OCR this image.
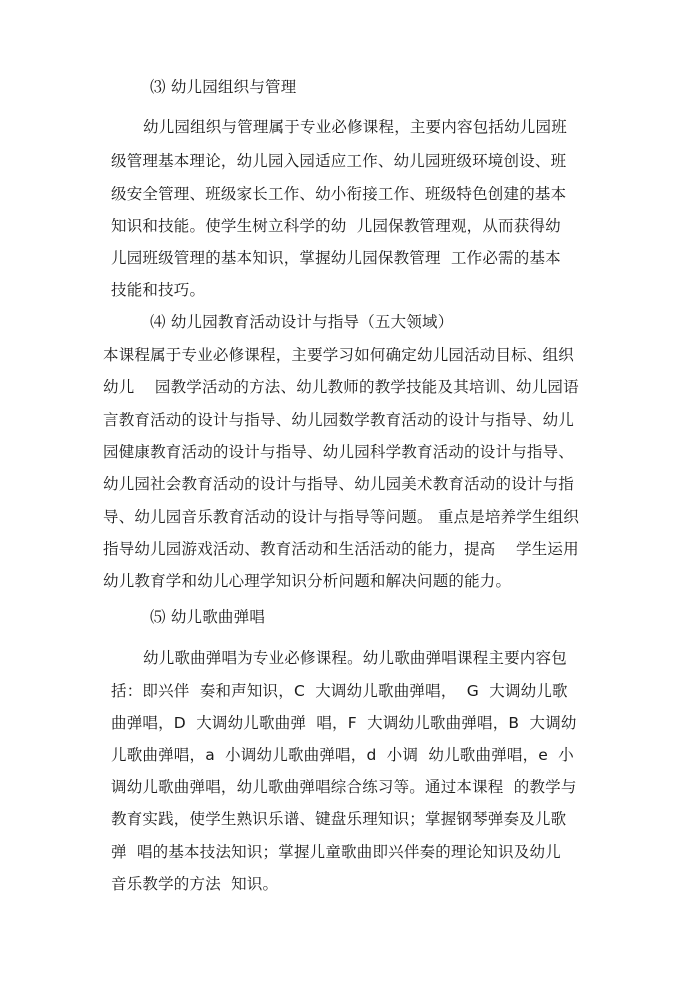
⑶ 幼儿园组织与管理
幼儿园组织与管理属于专业必修课程，主要内容包括幼儿园班
级管理基本理论，幼儿园入园适应工作、幼儿园班级环境创设、班
级安全管理、班级家长工作、幼小衔接工作、班级特色创建的基本
知识和技能。使学生树立科学的幼  儿园保教管理观，从而获得幼
儿园班级管理的基本知识，掌握幼儿园保教管理  工作必需的基本
技能和技巧。
⑷ 幼儿园教育活动设计与指导（五大领域）
本课程属于专业必修课程，主要学习如何确定幼儿园活动目标、组织
幼儿    园教学活动的方法、幼儿教师的教学技能及其培训、幼儿园语
言教育活动的设计与指导、幼儿园数学教育活动的设计与指导、幼儿
园健康教育活动的设计与指导、幼儿园科学教育活动的设计与指导、
幼儿园社会教育活动的设计与指导、幼儿园美术教育活动的设计与指
导、幼儿园音乐教育活动的设计与指导等问题。 重点是培养学生组织
指导幼儿园游戏活动、教育活动和生活活动的能力，提高    学生运用
幼儿教育学和幼儿心理学知识分析问题和解决问题的能力。
⑸ 幼儿歌曲弹唱
幼儿歌曲弹唱为专业必修课程。幼儿歌曲弹唱课程主要内容包
括：即兴伴  奏和声知识，C  大调幼儿歌曲弹唱，  G  大调幼儿歌
曲弹唱，D  大调幼儿歌曲弹  唱，F  大调幼儿歌曲弹唱，B  大调幼
儿歌曲弹唱，a  小调幼儿歌曲弹唱，d  小调  幼儿歌曲弹唱，e  小
调幼儿歌曲弹唱，幼儿歌曲弹唱综合练习等。通过本课程  的教学与
教育实践，使学生熟识乐谱、键盘乐理知识；掌握钢琴弹奏及儿歌
弹  唱的基本技法知识；掌握儿童歌曲即兴伴奏的理论知识及幼儿
音乐教学的方法  知识。
